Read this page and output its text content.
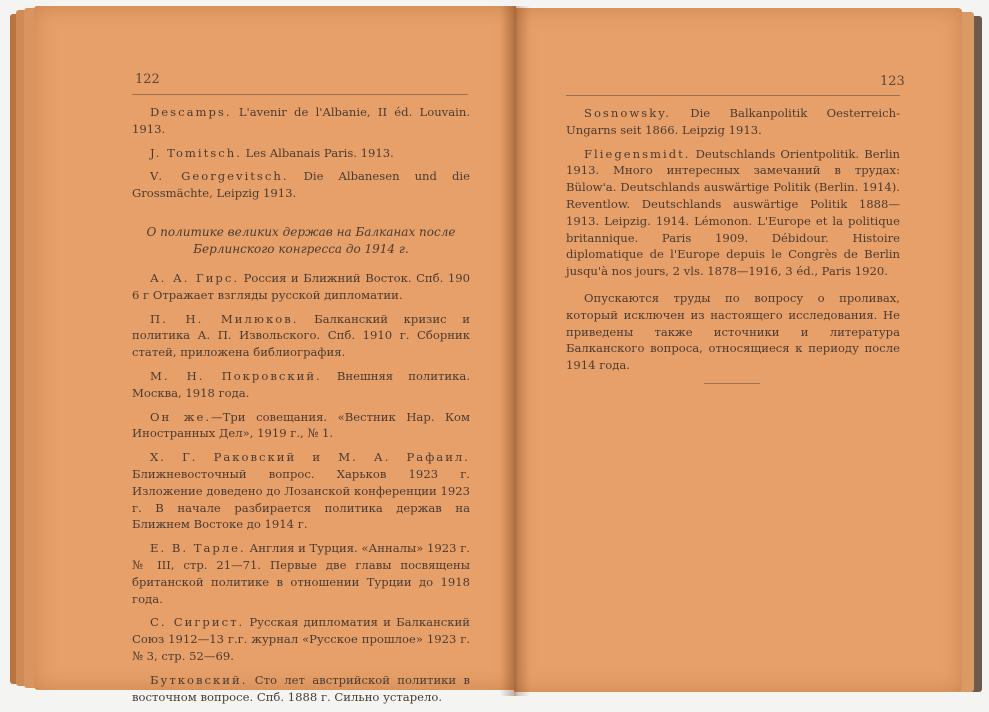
122
Descamps. L'avenir de l'Albanie, II éd. Louvain. 1913.
J. Tomitsch. Les Albanais Paris. 1913.
V. Georgevitsch. Die Albanesen und die Grossmächte, Leipzig 1913.
О политике великих держав на Балканах после Берлинского конгресса до 1914 г.
А. А. Гирс. Россия и Ближний Восток. Спб. 190 6 г Отражает взгляды русской дипломатии.
П. Н. Милюков. Балканский кризис и политика А. П. Извольского. Спб. 1910 г. Сборник статей, приложена библиография.
М. Н. Покровский. Внешняя политика. Москва, 1918 года.
Он же.—Три совещания. «Вестник Нар. Ком Иностранных Дел», 1919 г., № 1.
Х. Г. Раковский и М. А. Рафаил. Ближневосточный вопрос. Харьков 1923 г. Изложение доведено до Лозанской конференции 1923 г. В начале разбирается политика держав на Ближнем Востоке до 1914 г.
Е. В. Тарле. Англия и Турция. «Анналы» 1923 г. № III, стр. 21—71. Первые две главы посвящены британской политике в отношении Турции до 1918 года.
С. Сигрист. Русская дипломатия и Балканский Союз 1912—13 г.г. журнал «Русское прошлое» 1923 г. № 3, стр. 52—69.
Бутковский. Сто лет австрийской политики в восточном вопросе. Спб. 1888 г. Сильно устарело.
123
Sosnowsky. Die Balkanpolitik Oesterreich-Ungarns seit 1866. Leipzig 1913.
Fliegensmidt. Deutschlands Orientpolitik. Berlin 1913. Много интересных замечаний в трудах: Bülow'a. Deutschlands auswärtige Politik (Berlin. 1914). Reventlow. Deutschlands auswärtige Politik 1888—1913. Leipzig. 1914. Lémonon. L'Europe et la politique britannique. Paris 1909. Débidour. Histoire diplomatique de l'Europe depuis le Congrès de Berlin jusqu'à nos jours, 2 vls. 1878—1916, 3 éd., Paris 1920.
Опускаются труды по вопросу о проливах, который исключен из настоящего исследования. Не приведены также источники и литература Балканского вопроса, относящиеся к периоду после 1914 года.
